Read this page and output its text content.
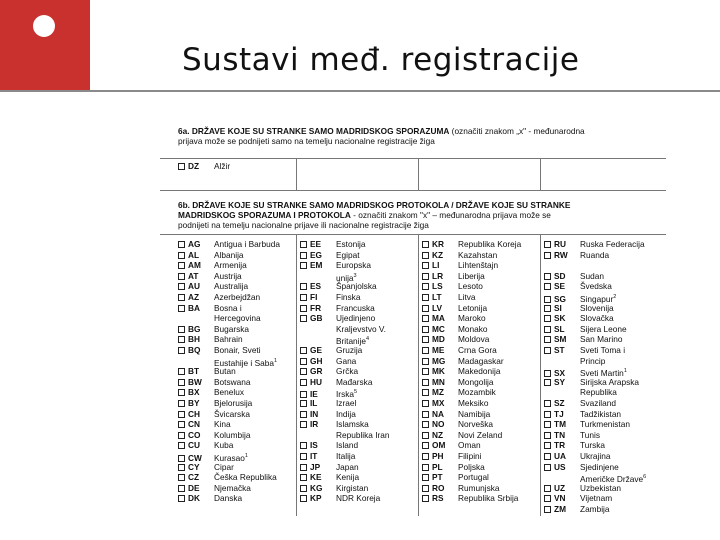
Sustavi međ. registracije
6a. DRŽAVE KOJE SU STRANKE SAMO MADRIDSKOG SPORAZUMA (označiti znakom „x" - međunarodna
prijava može se podnijeti samo na temelju nacionalne registracije žiga
DZ Alžir
6b. DRŽAVE KOJE SU STRANKE SAMO MADRIDSKOG PROTOKOLA / DRŽAVE KOJE SU STRANKE
MADRIDSKOG SPORAZUMA I PROTOKOLA - označiti znakom "x" – međunarodna prijava može se
podnijeti na temelju nacionalne prijave ili nacionalne registracije žiga
AG Antigua i Barbuda
AL Albanija
AM Armenija
AT Austrija
AU Australija
AZ Azerbejdžan
BA Bosna i
Hercegovina
BG Bugarska
BH Bahrain
BQ Bonair, Sveti
Eustahije i Saba$^1$
BT Butan
BW Botswana
BX Benelux
BY Bjelorusija
CH Švicarska
CN Kina
CO Kolumbija
CU Kuba
CW Kurasao$^1$
CY Cipar
CZ Češka Republika
DE Njemačka
DK Danska
EE Estonija
EG Egipat
EM Europska
unija$^3$
ES Španjolska
FI Finska
FR Francuska
GB Ujedinjeno
Kraljevstvo V.
Britanije$^4$
GE Gruzija
GH Gana
GR Grčka
HU Mađarska
IE Irska$^5$
IL Izrael
IN Indija
IR Islamska
Republika Iran
IS Island
IT Italija
JP Japan
KE Kenija
KG Kirgistan
KP NDR Koreja
KR Republika Koreja
KZ Kazahstan
LI Lihtenštajn
LR Liberija
LS Lesoto
LT Litva
LV Letonija
MA Maroko
MC Monako
MD Moldova
ME Crna Gora
MG Madagaskar
MK Makedonija
MN Mongolija
MZ Mozambik
MX Meksiko
NA Namibija
NO Norveška
NZ Novi Zeland
OM Oman
PH Filipini
PL Poljska
PT Portugal
RO Rumunjska
RS Republika Srbija
RU Ruska Federacija
RW Ruanda
SD Sudan
SE Švedska
SG Singapur$^2$
SI Slovenija
SK Slovačka
SL Sijera Leone
SM San Marino
ST Sveti Toma i
Princip
SX Sveti Martin$^1$
SY Sirijska Arapska
Republika
SZ Svaziland
TJ Tadžikistan
TM Turkmenistan
TN Tunis
TR Turska
UA Ukrajina
US Sjedinjene
Američke Države$^6$
UZ Uzbekistan
VN Vijetnam
ZM Zambija
